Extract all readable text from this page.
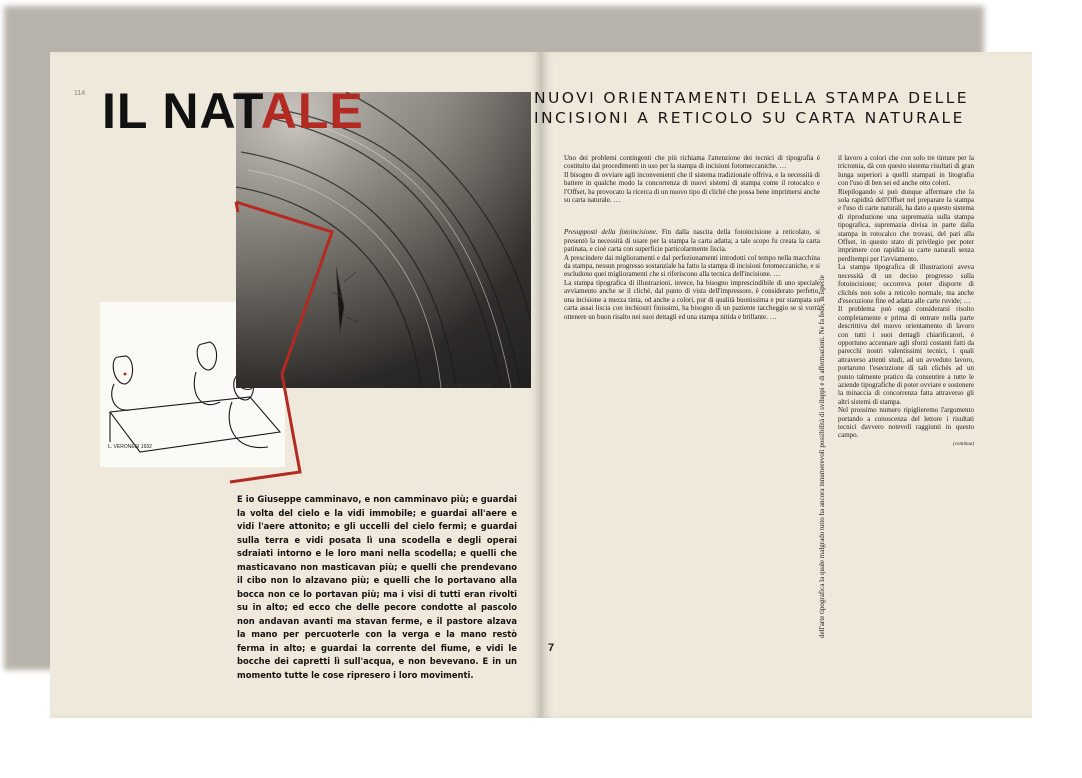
114
Fotografia di Hein Gorny
L. VERONESI 1932
IL NATALE

E io Giuseppe camminavo, e non camminavo più; e guardai la volta del cielo e la vidi immobile; e guardai all'aere e vidi l'aere attonito; e gli uccelli del cielo fermi; e guardai sulla terra e vidi posata lì una scodella e degli operai sdraiati intorno e le loro mani nella scodella; e quelli che masticavano non masticavan più; e quelli che prendevano il cibo non lo alzavano più; e quelli che lo portavano alla bocca non ce lo portavan più; ma i visi di tutti eran rivolti su in alto; ed ecco che delle pecore condotte al pascolo non andavan avanti ma stavan ferme, e il pastore alzava la mano per percuoterle con la verga e la mano restò ferma in alto; e guardai la corrente del fiume, e vidi le bocche dei capretti lì sull'acqua, e non bevevano. E in un momento tutte le cose ripresero i loro movimenti.

NUOVI ORIENTAMENTI DELLA STAMPA DELLE
INCISIONI A RETICOLO SU CARTA NATURALE

Uno dei problemi contingenti che più richiama l'attenzione dei tecnici di tipografia è costituito dai procedimenti in uso per la stampa di incisioni fotomeccaniche. …

Il bisogno di ovviare agli inconvenienti che il sistema tradizionale offriva, e la necessità di battere in qualche modo la concorrenza di nuovi sistemi di stampa come il rotocalco e l'Offset, ha provocato la ricerca di un nuovo tipo di cliché che possa bene imprimersi anche su carta naturale. …

Presupposti della fotoincisione. Fin dalla nascita della fotoincisione a reticolato, si presentò la necessità di usare per la stampa la carta adatta; a tale scopo fu creata la carta patinata, e cioè carta con superficie particolarmente liscia.

A prescindere dai miglioramenti e dal perfezionamenti introdotti col tempo nella macchina da stampa, nessun progresso sostanziale ha fatto la stampa di incisioni fotomeccaniche, e si escludono quei miglioramenti che si riferiscono alla tecnica dell'incisione. …

La stampa tipografica di illustrazioni, invece, ha bisogno imprescindibile di uno speciale avviamento anche se il cliché, dal punto di vista dell'impressore, è considerato perfetto, una incisione a mezza tinta, od anche a colori, pur di qualità buonissima e pur stampata su carta assai liscia con inchiostri finissimi, ha bisogno di un paziente taccheggio se si vorrà ottenere un buon risalto nei suoi dettagli ed una stampa nitida e brillante. …	dell'arte tipografica la quale malgrado tutto ha ancora innumerevoli possibilità di sviluppi e di affermazioni. Ne fa fede, in ispecie

il lavoro a colori che con solo tre tinture per la tricromia, dà con questo sistema risultati di gran lunga superiori a quelli stampati in litografia con l'uso di ben sei ed anche otto colori.

Riepilogando si può dunque affermare che la sola rapidità dell'Offset nel preparare la stampa e l'uso di carte naturali, ha dato a questo sistema di riproduzione una supremazia sulla stampa tipografica, supremazia divisa in parte dalla stampa in rotocalco che trovasi, del pari alla Offset, in questo stato di privilegio per poter imprimere con rapidità su carte naturali senza perditempi per l'avviamento.

La stampa tipografica di illustrazioni aveva necessità di un deciso progresso sulla fotoincisione; occorreva poter disporre di clichés non solo a reticolo normale, ma anche d'esecuzione fine ed adatta alle carte ruvide; …

Il problema può oggi considerarsi risolto completamente e prima di entrare nella parte descrittiva del nuovo orientamento di lavoro con tutti i suoi dettagli chiarificatori, è opportuno accennare agli sforzi costanti fatti da parecchi nostri valentissimi tecnici, i quali attraverso attenti studi, ad un avveduto lavoro, portarono l'esecuzione di tali clichés ad un punto talmente pratico da consentire a tutte le aziende tipografiche di poter ovviare e sostenere la minaccia di concorrenza fatta attraverso gli altri sistemi di stampa.

Nel prossimo numero ripiglieremo l'argomento portando a conoscenza del lettore i risultati tecnici davvero notevoli raggiunti in questo campo.

(continua)
7
